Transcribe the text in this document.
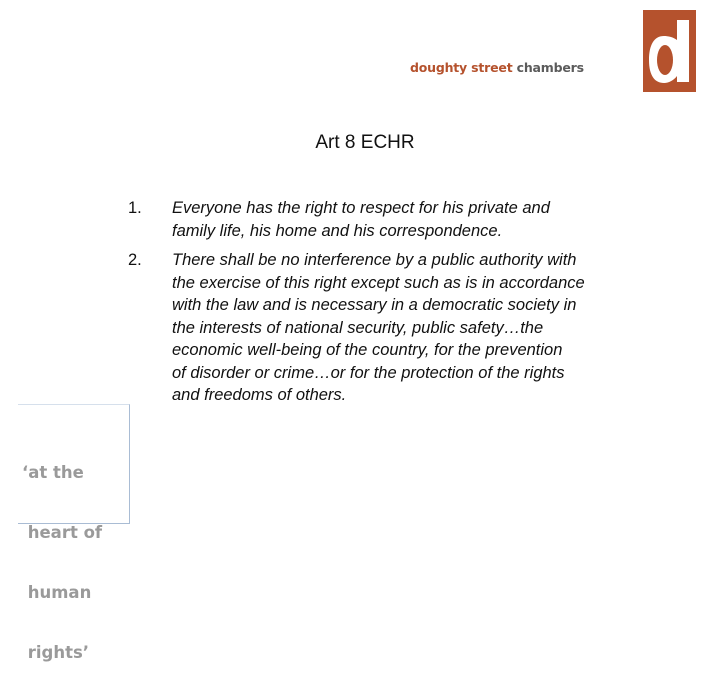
doughty street chambers
Art 8 ECHR
1. Everyone has the right to respect for his private and
family life, his home and his correspondence.
2. There shall be no interference by a public authority with
the exercise of this right except such as is in accordance
with the law and is necessary in a democratic society in
the interests of national security, public safety…the
economic well-being of the country, for the prevention
of disorder or crime…or for the protection of the rights
and freedoms of others.

‘at the

heart of

human

rights’
